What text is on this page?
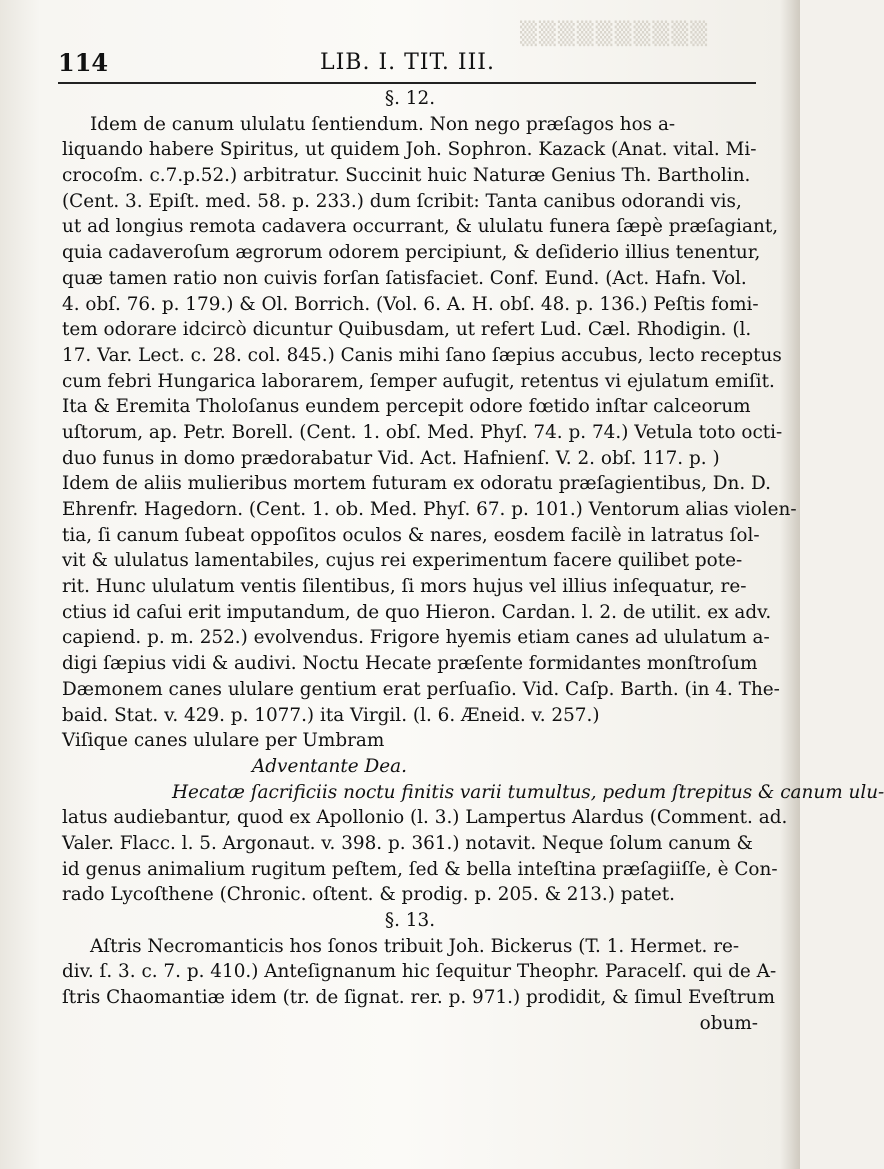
▒▒▒▒▒▒▒▒▒▒
114	LIB. I. TIT. III.
§. 12.
Idem de canum ululatu ſentiendum. Non nego præſagos hos a-
liquando habere Spiritus, ut quidem Joh. Sophron. Kazack (Anat. vital. Mi-
crocoſm. c.7.p.52.) arbitratur. Succinit huic Naturæ Genius Th. Bartholin.
(Cent. 3. Epiſt. med. 58. p. 233.) dum ſcribit: Tanta canibus odorandi vis,
ut ad longius remota cadavera occurrant, & ululatu funera ſæpè præſagiant,
quia cadaveroſum ægrorum odorem percipiunt, & deſiderio illius tenentur,
quæ tamen ratio non cuivis forſan ſatisfaciet. Conf. Eund. (Act. Hafn. Vol.
4. obſ. 76. p. 179.) & Ol. Borrich. (Vol. 6. A. H. obſ. 48. p. 136.) Peſtis fomi-
tem odorare idcircò dicuntur Quibusdam, ut refert Lud. Cæl. Rhodigin. (l.
17. Var. Lect. c. 28. col. 845.) Canis mihi ſano ſæpius accubus, lecto receptus
cum febri Hungarica laborarem, ſemper aufugit, retentus vi ejulatum emiſit.
Ita & Eremita Tholoſanus eundem percepit odore fœtido inſtar calceorum
uſtorum, ap. Petr. Borell. (Cent. 1. obſ. Med. Phyſ. 74. p. 74.) Vetula toto octi-
duo funus in domo prædorabatur Vid. Act. Hafnienſ. V. 2. obſ. 117. p. )
Idem de aliis mulieribus mortem futuram ex odoratu præſagientibus, Dn. D.
Ehrenfr. Hagedorn. (Cent. 1. ob. Med. Phyſ. 67. p. 101.) Ventorum alias violen-
tia, ſi canum ſubeat oppoſitos oculos & nares, eosdem facilè in latratus ſol-
vit & ululatus lamentabiles, cujus rei experimentum facere quilibet pote-
rit. Hunc ululatum ventis ſilentibus, ſi mors hujus vel illius inſequatur, re-
ctius id caſui erit imputandum, de quo Hieron. Cardan. l. 2. de utilit. ex adv.
capiend. p. m. 252.) evolvendus. Frigore hyemis etiam canes ad ululatum a-
digi ſæpius vidi & audivi. Noctu Hecate præſente formidantes monſtroſum
Dæmonem canes ululare gentium erat perſuaſio. Vid. Caſp. Barth. (in 4. The-
baid. Stat. v. 429. p. 1077.) ita Virgil. (l. 6. Æneid. v. 257.)
Viſique canes ululare per Umbram
Adventante Dea.
Hecatæ ſacrificiis noctu finitis varii tumultus, pedum ſtrepitus & canum ulu-
latus audiebantur, quod ex Apollonio (l. 3.) Lampertus Alardus (Comment. ad.
Valer. Flacc. l. 5. Argonaut. v. 398. p. 361.) notavit. Neque ſolum canum &
id genus animalium rugitum peſtem, ſed & bella inteſtina præſagiiſſe, è Con-
rado Lycoſthene (Chronic. oſtent. & prodig. p. 205. & 213.) patet.
§. 13.
Aſtris Necromanticis hos ſonos tribuit Joh. Bickerus (T. 1. Hermet. re-
div. ſ. 3. c. 7. p. 410.) Anteſignanum hic ſequitur Theophr. Paracelſ. qui de A-
ſtris Chaomantiæ idem (tr. de ſignat. rer. p. 971.) prodidit, & ſimul Eveſtrum
obum-
